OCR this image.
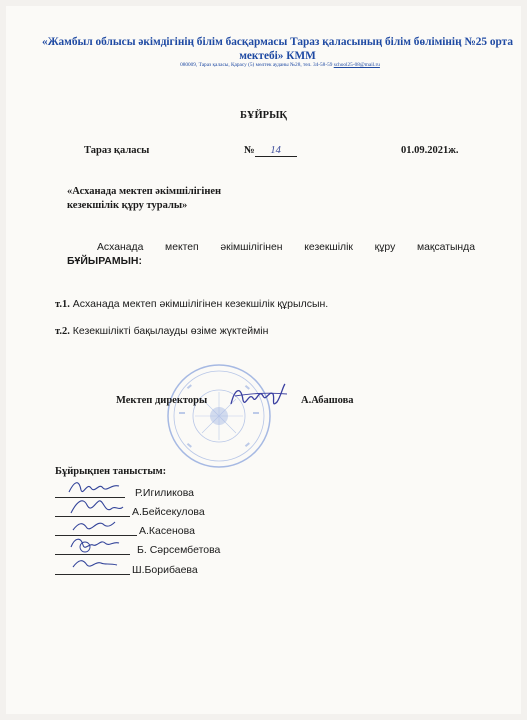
«Жамбыл облысы әкімдігінің білім басқармасы Тараз қаласының білім бөлімінің №25 орта мектебі» КММ
080009, Тараз қаласы, Қарасу (5) мөлтек ауданы №28, тел. 34-58-59 school25-08@mail.ru
БҰЙРЫҚ
Тараз қаласы	№ 14	01.09.2021ж.
«Асханада мектеп әкімшілігінен
кезекшілік құру туралы»
Асханада мектеп әкімшілігінен кезекшілік құру мақсатында
БҰЙЫРАМЫН:
т.1. Асханада мектеп әкімшілігінен кезекшілік құрылсын.
т.2. Кезекшілікті бақылауды өзіме жүктеймін
Мектеп директоры	А.Абашова
Бұйрықпен таныстым:
Р.Игиликова
А.Бейсекулова
А.Касенова
Б. Сәрсембетова
Ш.Борибаева
